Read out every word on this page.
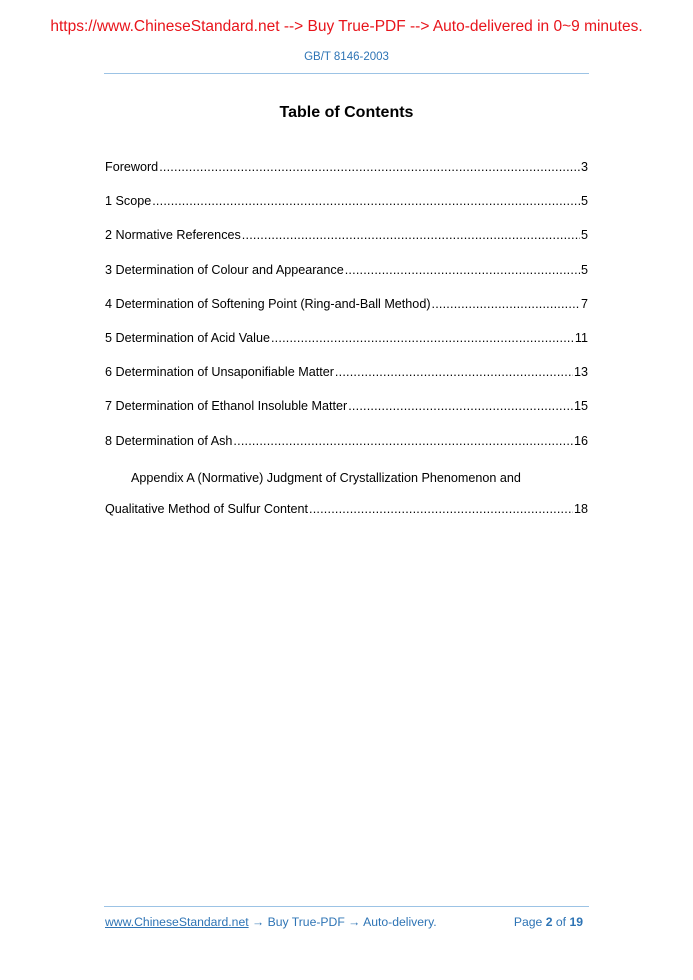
https://www.ChineseStandard.net --> Buy True-PDF --> Auto-delivered in 0~9 minutes.
GB/T 8146-2003
Table of Contents
Foreword .....	3
1 Scope .....	5
2 Normative References .....	5
3 Determination of Colour and Appearance .....	5
4 Determination of Softening Point (Ring-and-Ball Method) .....	7
5 Determination of Acid Value .....	11
6 Determination of Unsaponifiable Matter .....	13
7 Determination of Ethanol Insoluble Matter .....	15
8 Determination of Ash .....	16
Appendix A (Normative) Judgment of Crystallization Phenomenon and
Qualitative Method of Sulfur Content .....	18
www.ChineseStandard.net → Buy True-PDF → Auto-delivery.	Page 2 of 19
